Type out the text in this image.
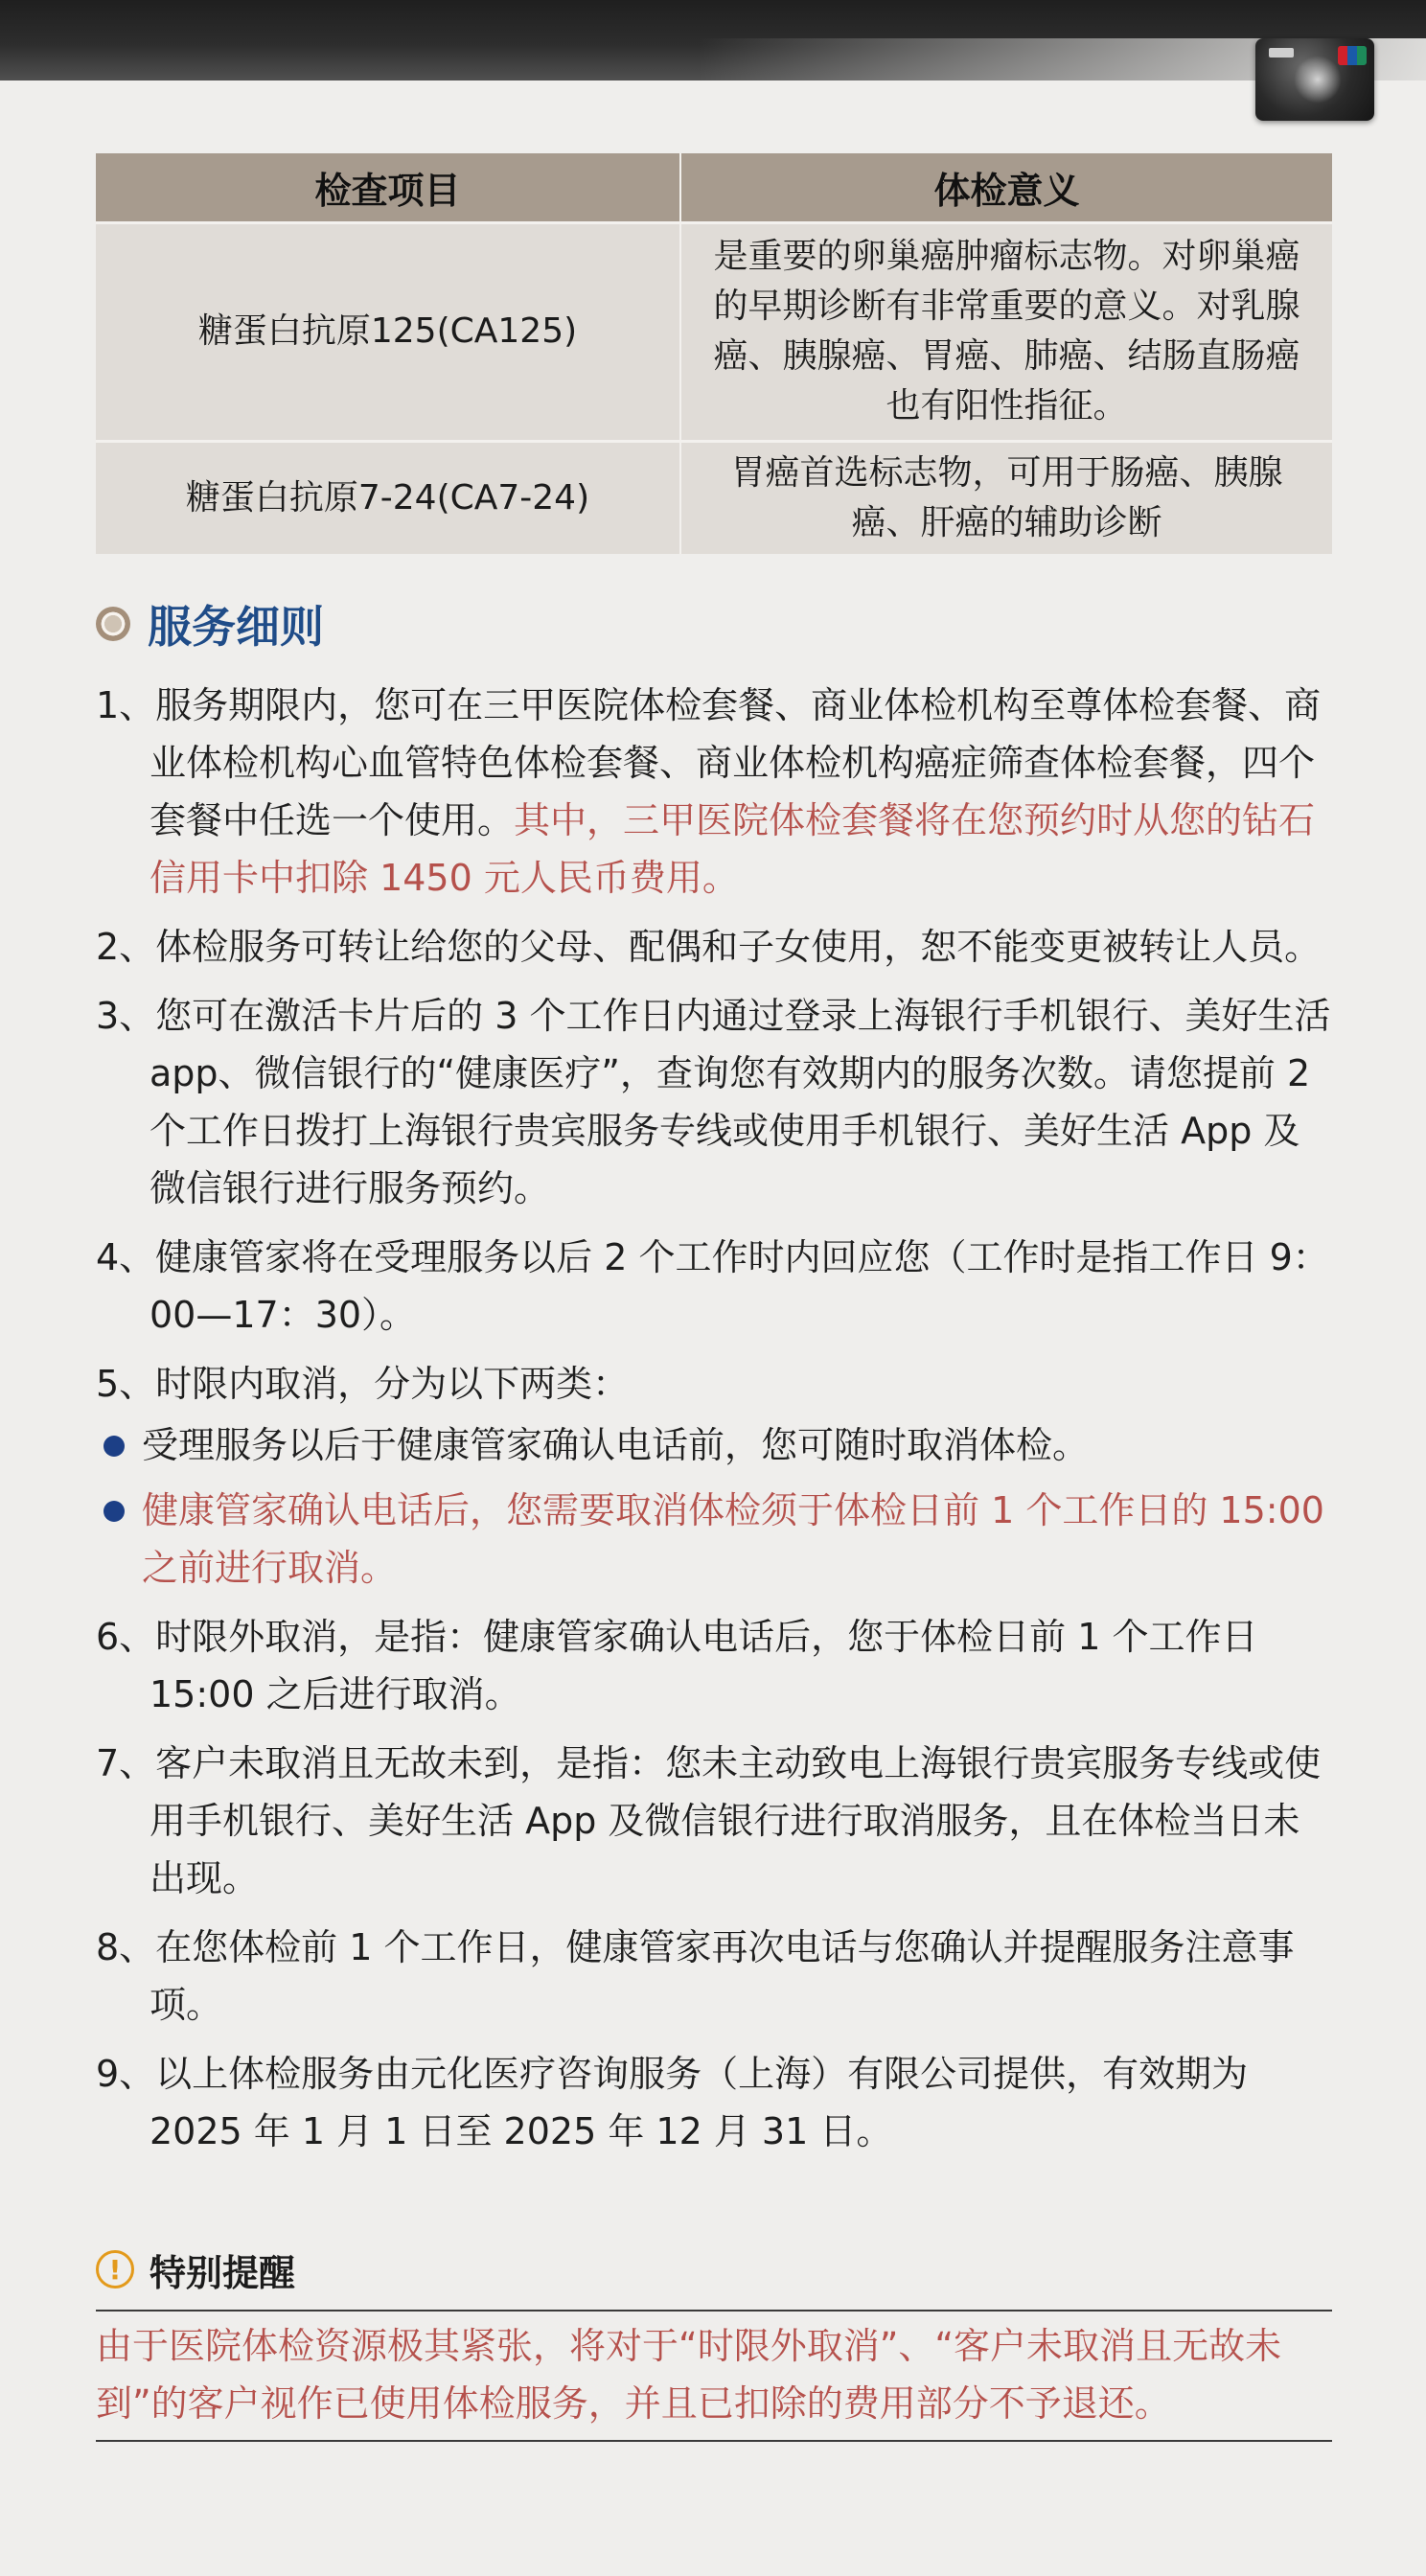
检查项目	体检意义
糖蛋白抗原125(CA125)	是重要的卵巢癌肿瘤标志物。对卵巢癌的早期诊断有非常重要的意义。对乳腺癌、胰腺癌、胃癌、肺癌、结肠直肠癌也有阳性指征。
糖蛋白抗原7-24(CA7-24)	胃癌首选标志物，可用于肠癌、胰腺癌、肝癌的辅助诊断
服务细则
1、服务期限内，您可在三甲医院体检套餐、商业体检机构至尊体检套餐、商业体检机构心血管特色体检套餐、商业体检机构癌症筛查体检套餐，四个套餐中任选一个使用。其中，三甲医院体检套餐将在您预约时从您的钻石信用卡中扣除 1450 元人民币费用。
2、体检服务可转让给您的父母、配偶和子女使用，恕不能变更被转让人员。
3、您可在激活卡片后的 3 个工作日内通过登录上海银行手机银行、美好生活 app、微信银行的“健康医疗”，查询您有效期内的服务次数。请您提前 2 个工作日拨打上海银行贵宾服务专线或使用手机银行、美好生活 App 及微信银行进行服务预约。
4、健康管家将在受理服务以后 2 个工作时内回应您（工作时是指工作日 9：00—17：30）。
5、时限内取消，分为以下两类：
受理服务以后于健康管家确认电话前，您可随时取消体检。
健康管家确认电话后，您需要取消体检须于体检日前 1 个工作日的 15:00 之前进行取消。
6、时限外取消，是指：健康管家确认电话后，您于体检日前 1 个工作日 15:00 之后进行取消。
7、客户未取消且无故未到，是指：您未主动致电上海银行贵宾服务专线或使用手机银行、美好生活 App 及微信银行进行取消服务，且在体检当日未出现。
8、在您体检前 1 个工作日，健康管家再次电话与您确认并提醒服务注意事项。
9、以上体检服务由元化医疗咨询服务（上海）有限公司提供，有效期为 2025 年 1 月 1 日至 2025 年 12 月 31 日。
! 特别提醒
由于医院体检资源极其紧张，将对于“时限外取消”、“客户未取消且无故未到”的客户视作已使用体检服务，并且已扣除的费用部分不予退还。
